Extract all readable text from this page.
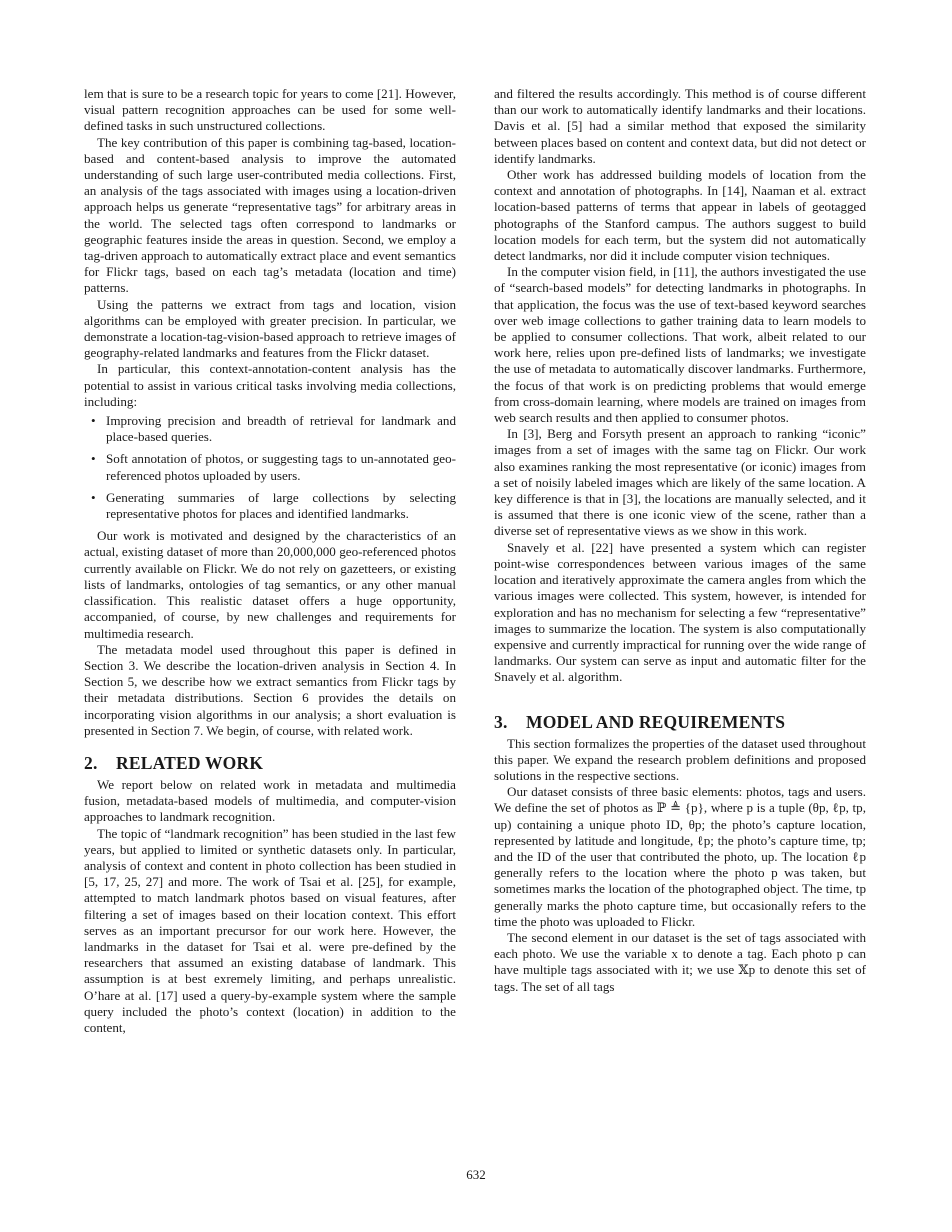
lem that is sure to be a research topic for years to come [21]. However, visual pattern recognition approaches can be used for some well-defined tasks in such unstructured collections.

The key contribution of this paper is combining tag-based, location-based and content-based analysis to improve the automated understanding of such large user-contributed media collections. First, an analysis of the tags associated with images using a location-driven approach helps us generate “representative tags” for arbitrary areas in the world. The selected tags often correspond to landmarks or geographic features inside the areas in question. Second, we employ a tag-driven approach to automatically extract place and event semantics for Flickr tags, based on each tag’s metadata (location and time) patterns.

Using the patterns we extract from tags and location, vision algorithms can be employed with greater precision. In particular, we demonstrate a location-tag-vision-based approach to retrieve images of geography-related landmarks and features from the Flickr dataset.

In particular, this context-annotation-content analysis has the potential to assist in various critical tasks involving media collections, including:

• Improving precision and breadth of retrieval for landmark and place-based queries.
• Soft annotation of photos, or suggesting tags to un-annotated geo-referenced photos uploaded by users.
• Generating summaries of large collections by selecting representative photos for places and identified landmarks.

Our work is motivated and designed by the characteristics of an actual, existing dataset of more than 20,000,000 geo-referenced photos currently available on Flickr. We do not rely on gazetteers, or existing lists of landmarks, ontologies of tag semantics, or any other manual classification. This realistic dataset offers a huge opportunity, accompanied, of course, by new challenges and requirements for multimedia research.

The metadata model used throughout this paper is defined in Section 3. We describe the location-driven analysis in Section 4. In Section 5, we describe how we extract semantics from Flickr tags by their metadata distributions. Section 6 provides the details on incorporating vision algorithms in our analysis; a short evaluation is presented in Section 7. We begin, of course, with related work.

2. RELATED WORK

We report below on related work in metadata and multimedia fusion, metadata-based models of multimedia, and computer-vision approaches to landmark recognition.

The topic of “landmark recognition” has been studied in the last few years, but applied to limited or synthetic datasets only. In particular, analysis of context and content in photo collection has been studied in [5, 17, 25, 27] and more. The work of Tsai et al. [25], for example, attempted to match landmark photos based on visual features, after filtering a set of images based on their location context. This effort serves as an important precursor for our work here. However, the landmarks in the dataset for Tsai et al. were pre-defined by the researchers that assumed an existing database of landmark. This assumption is at best exremely limiting, and perhaps unrealistic. O’hare at al. [17] used a query-by-example system where the sample query included the photo’s context (location) in addition to the content,

and filtered the results accordingly. This method is of course different than our work to automatically identify landmarks and their locations. Davis et al. [5] had a similar method that exposed the similarity between places based on content and context data, but did not detect or identify landmarks.

Other work has addressed building models of location from the context and annotation of photographs. In [14], Naaman et al. extract location-based patterns of terms that appear in labels of geotagged photographs of the Stanford campus. The authors suggest to build location models for each term, but the system did not automatically detect landmarks, nor did it include computer vision techniques.

In the computer vision field, in [11], the authors investigated the use of “search-based models” for detecting landmarks in photographs. In that application, the focus was the use of text-based keyword searches over web image collections to gather training data to learn models to be applied to consumer collections. That work, albeit related to our work here, relies upon pre-defined lists of landmarks; we investigate the use of metadata to automatically discover landmarks. Furthermore, the focus of that work is on predicting problems that would emerge from cross-domain learning, where models are trained on images from web search results and then applied to consumer photos.

In [3], Berg and Forsyth present an approach to ranking “iconic” images from a set of images with the same tag on Flickr. Our work also examines ranking the most representative (or iconic) images from a set of noisily labeled images which are likely of the same location. A key difference is that in [3], the locations are manually selected, and it is assumed that there is one iconic view of the scene, rather than a diverse set of representative views as we show in this work.

Snavely et al. [22] have presented a system which can register point-wise correspondences between various images of the same location and iteratively approximate the camera angles from which the various images were collected. This system, however, is intended for exploration and has no mechanism for selecting a few “representative” images to summarize the location. The system is also computationally expensive and currently impractical for running over the wide range of landmarks. Our system can serve as input and automatic filter for the Snavely et al. algorithm.

3. MODEL AND REQUIREMENTS

This section formalizes the properties of the dataset used throughout this paper. We expand the research problem definitions and proposed solutions in the respective sections.

Our dataset consists of three basic elements: photos, tags and users. We define the set of photos as ℙ ≜ {p}, where p is a tuple (θp, ℓp, tp, up) containing a unique photo ID, θp; the photo’s capture location, represented by latitude and longitude, ℓp; the photo’s capture time, tp; and the ID of the user that contributed the photo, up. The location ℓp generally refers to the location where the photo p was taken, but sometimes marks the location of the photographed object. The time, tp generally marks the photo capture time, but occasionally refers to the time the photo was uploaded to Flickr.

The second element in our dataset is the set of tags associated with each photo. We use the variable x to denote a tag. Each photo p can have multiple tags associated with it; we use 𝕏p to denote this set of tags. The set of all tags

632
